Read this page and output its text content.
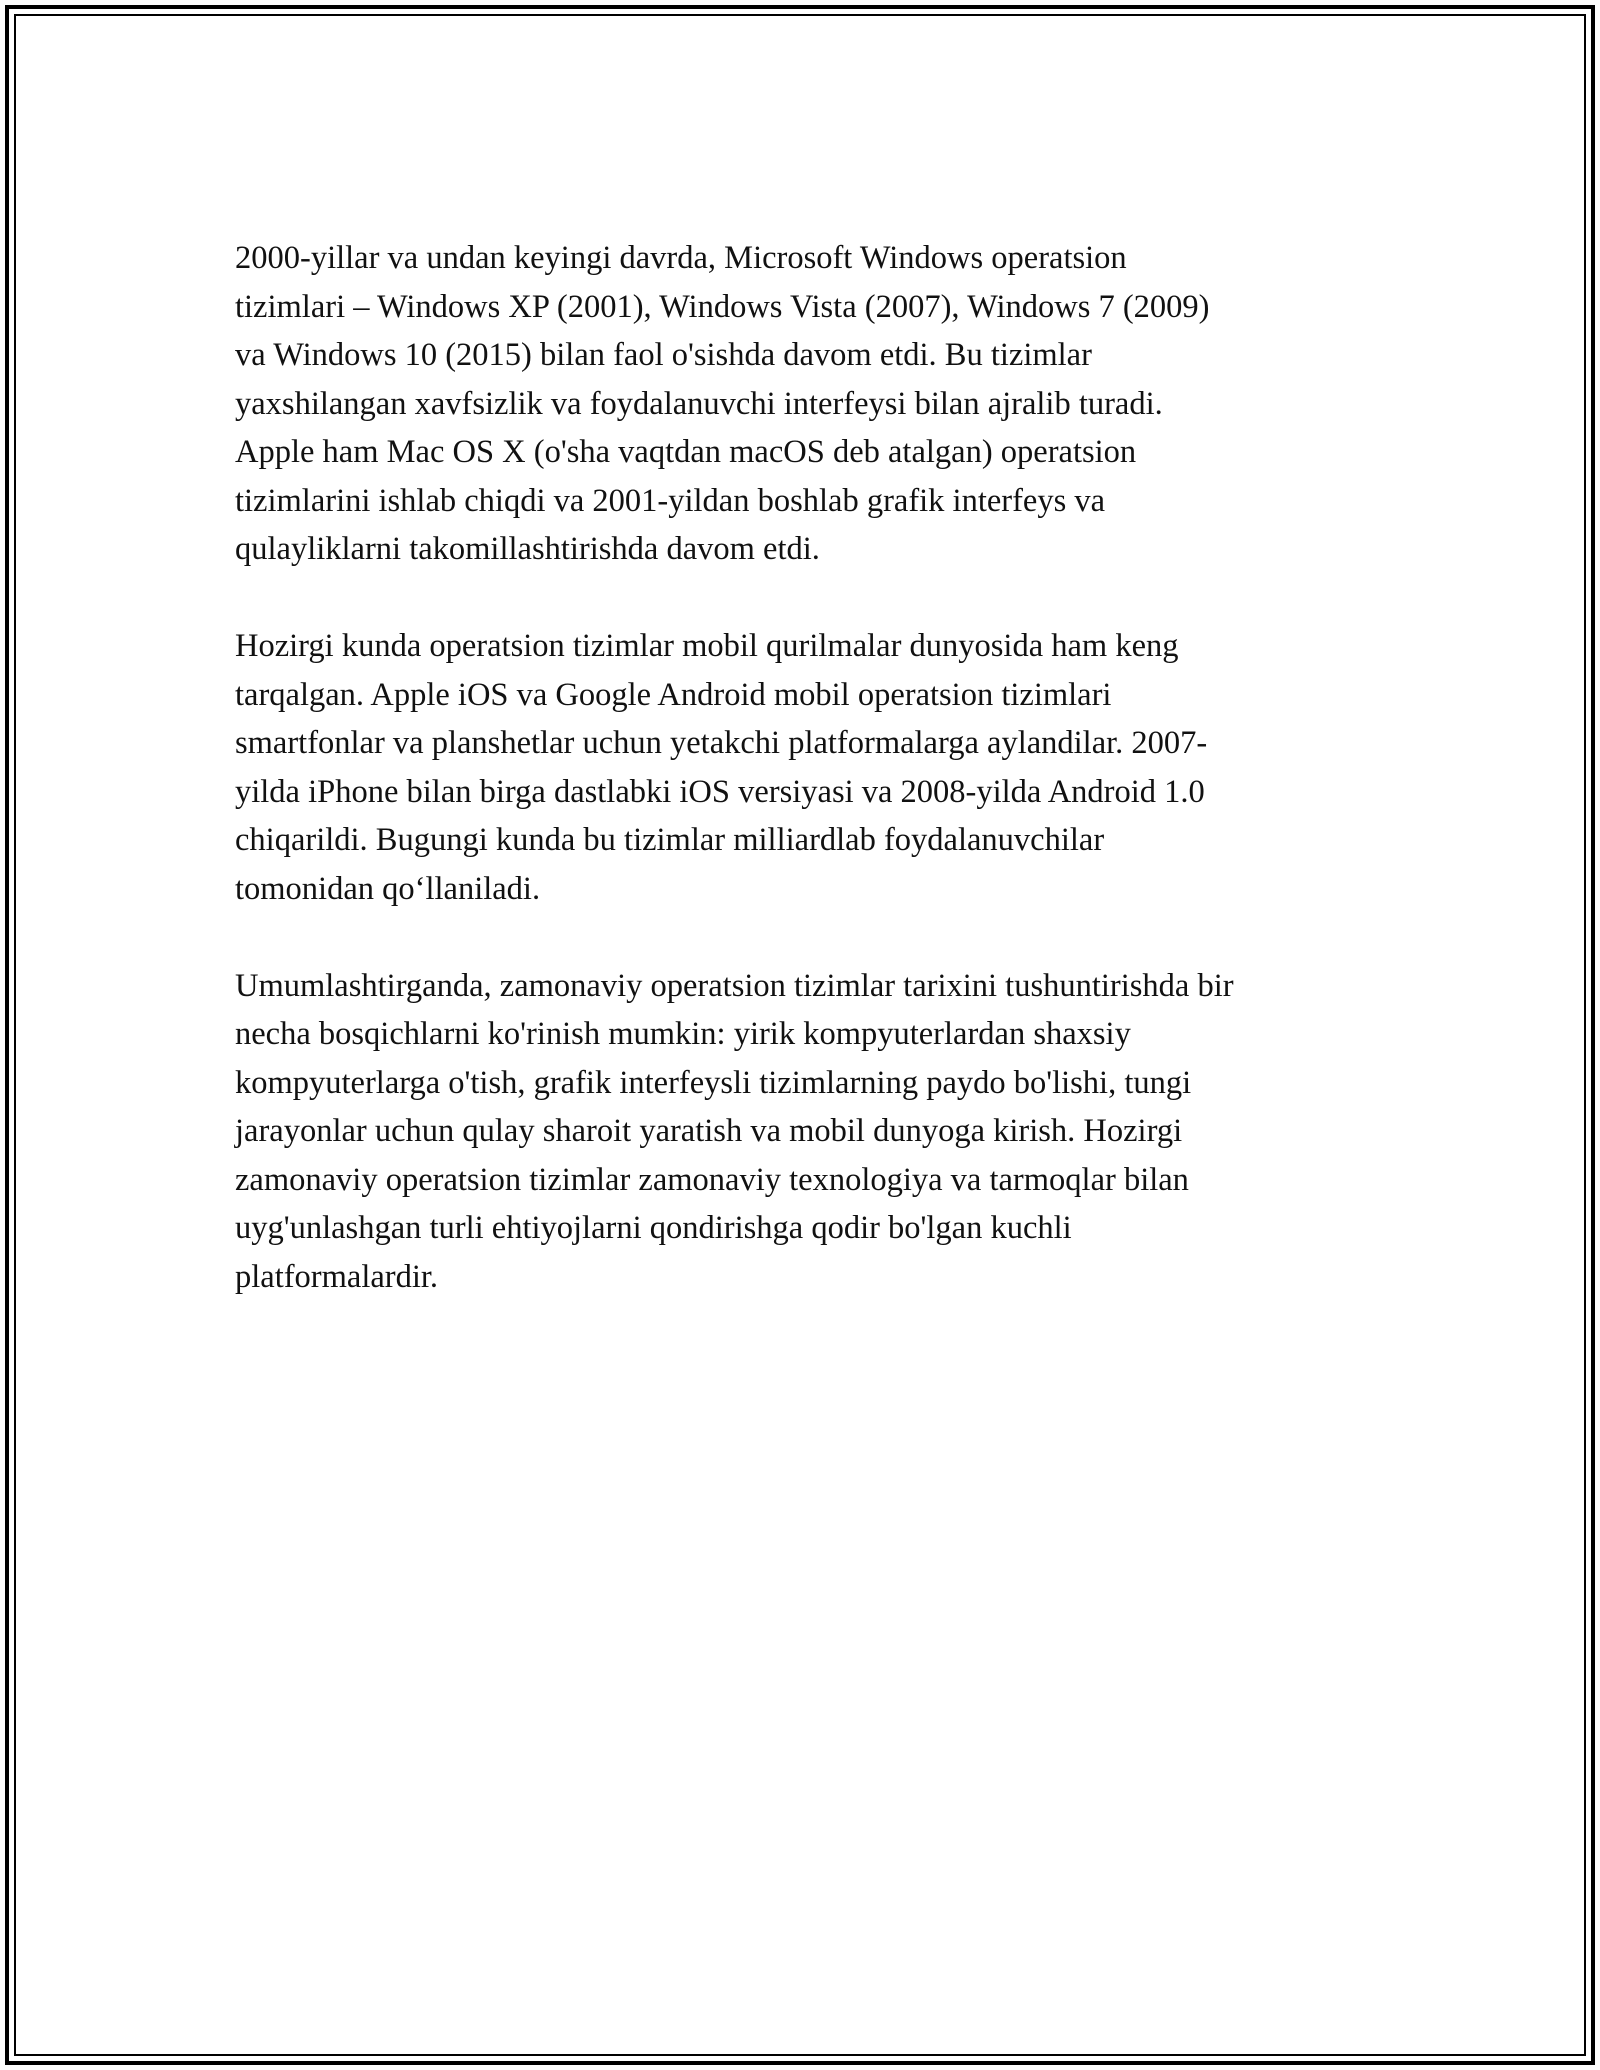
2000-yillar va undan keyingi davrda, Microsoft Windows operatsion
tizimlari – Windows XP (2001), Windows Vista (2007), Windows 7 (2009)
va Windows 10 (2015) bilan faol o'sishda davom etdi. Bu tizimlar
yaxshilangan xavfsizlik va foydalanuvchi interfeysi bilan ajralib turadi.
Apple ham Mac OS X (o'sha vaqtdan macOS deb atalgan) operatsion
tizimlarini ishlab chiqdi va 2001-yildan boshlab grafik interfeys va
qulayliklarni takomillashtirishda davom etdi.

Hozirgi kunda operatsion tizimlar mobil qurilmalar dunyosida ham keng
tarqalgan. Apple iOS va Google Android mobil operatsion tizimlari
smartfonlar va planshetlar uchun yetakchi platformalarga aylandilar. 2007-
yilda iPhone bilan birga dastlabki iOS versiyasi va 2008-yilda Android 1.0
chiqarildi. Bugungi kunda bu tizimlar milliardlab foydalanuvchilar
tomonidan qo‘llaniladi.

Umumlashtirganda, zamonaviy operatsion tizimlar tarixini tushuntirishda bir
necha bosqichlarni ko'rinish mumkin: yirik kompyuterlardan shaxsiy
kompyuterlarga o'tish, grafik interfeysli tizimlarning paydo bo'lishi, tungi
jarayonlar uchun qulay sharoit yaratish va mobil dunyoga kirish. Hozirgi
zamonaviy operatsion tizimlar zamonaviy texnologiya va tarmoqlar bilan
uyg'unlashgan turli ehtiyojlarni qondirishga qodir bo'lgan kuchli
platformalardir.
